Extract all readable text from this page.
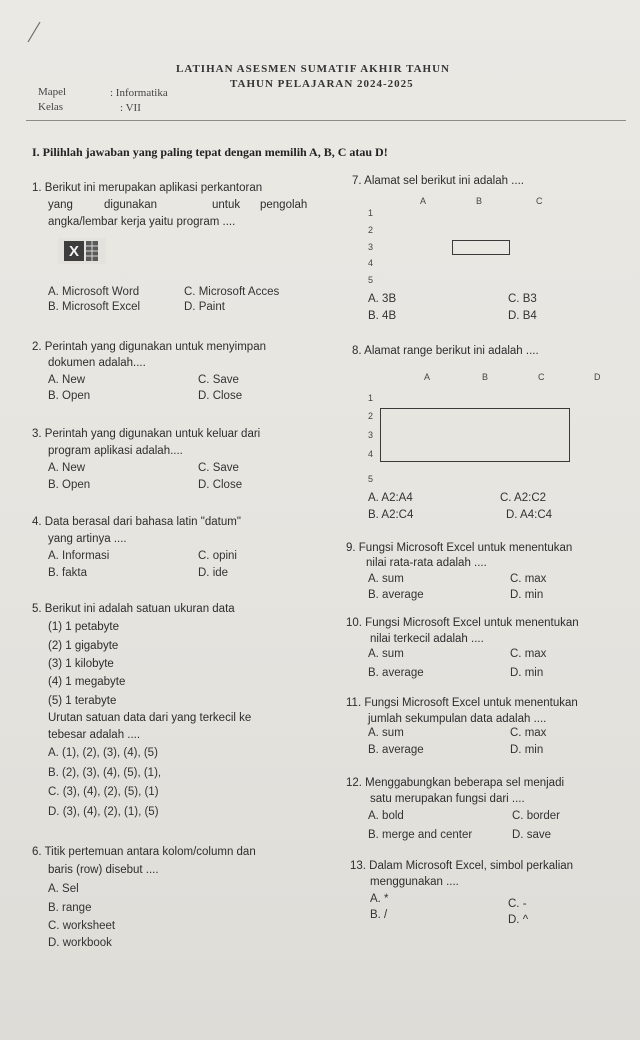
LATIHAN ASESMEN SUMATIF AKHIR TAHUN
TAHUN PELAJARAN 2024-2025
Mapel	: Informatika
Kelas	: VII
I. Pilihlah jawaban yang paling tepat dengan memilih A, B, C atau D!
1. Berikut ini merupakan aplikasi perkantoran
yang	digunakan	untuk pengolah
angka/lembar kerja yaitu program ....
X
A. Microsoft Word	C. Microsoft Acces
B. Microsoft Excel	D. Paint
2. Perintah yang digunakan untuk menyimpan
dokumen adalah....
A. New	C. Save
B. Open	D. Close
3. Perintah yang digunakan untuk keluar dari
program aplikasi adalah....
A. New	C. Save
B. Open	D. Close
4. Data berasal dari bahasa latin "datum"
yang artinya ....
A. Informasi	C. opini
B. fakta	D. ide
5. Berikut ini adalah satuan ukuran data
(1) 1 petabyte
(2) 1 gigabyte
(3) 1 kilobyte
(4) 1 megabyte
(5) 1 terabyte
Urutan satuan data dari yang terkecil ke
tebesar adalah ....
A. (1), (2), (3), (4), (5)
B. (2), (3), (4), (5), (1),
C. (3), (4), (2), (5), (1)
D. (3), (4), (2), (1), (5)
6. Titik pertemuan antara kolom/column dan
baris (row) disebut ....
A. Sel
B. range
C. worksheet
D. workbook
7. Alamat sel berikut ini adalah ....
A	B	C
1
2
3
4
5
A. 3B	C. B3
B. 4B	D. B4
8. Alamat range berikut ini adalah ....
A	B	C	D
1
2
3
4
5
A. A2:A4	C. A2:C2
B. A2:C4	D. A4:C4
9. Fungsi Microsoft Excel untuk menentukan
nilai rata-rata adalah ....
A. sum	C. max
B. average	D. min
10. Fungsi Microsoft Excel untuk menentukan
nilai terkecil adalah ....
A. sum	C. max
B. average	D. min
11. Fungsi Microsoft Excel untuk menentukan
jumlah sekumpulan data adalah ....
A. sum	C. max
B. average	D. min
12. Menggabungkan beberapa sel menjadi
satu merupakan fungsi dari ....
A. bold	C. border
B. merge and center	D. save
13. Dalam Microsoft Excel, simbol perkalian
menggunakan ....
A. *	C. -
B. /	D. ^
